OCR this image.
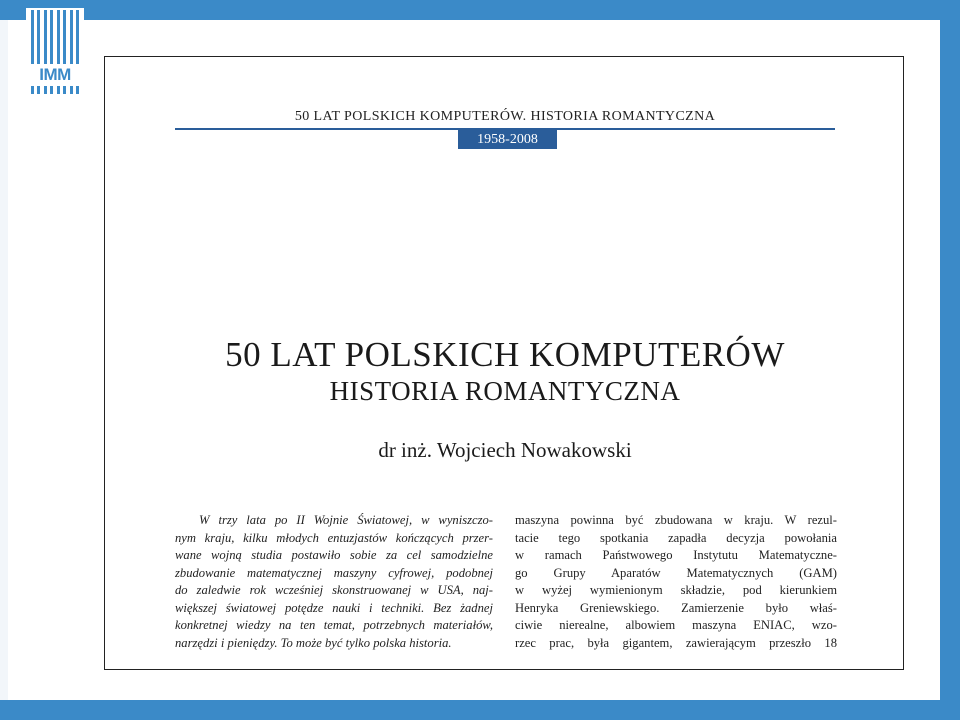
IMM
50 LAT POLSKICH KOMPUTERÓW. HISTORIA ROMANTYCZNA
1958-2008
50 LAT POLSKICH KOMPUTERÓW
HISTORIA ROMANTYCZNA
dr inż. Wojciech Nowakowski
W trzy lata po II Wojnie Światowej, w wyniszczo-
nym kraju, kilku młodych entuzjastów kończących przer-
wane wojną studia postawiło sobie za cel samodzielne
zbudowanie matematycznej maszyny cyfrowej, podobnej
do zaledwie rok wcześniej skonstruowanej w USA, naj-
większej światowej potędze nauki i techniki. Bez żadnej
konkretnej wiedzy na ten temat, potrzebnych materiałów,
narzędzi i pieniędzy. To może być tylko polska historia.
maszyna powinna być zbudowana w kraju. W rezul-
tacie tego spotkania zapadła decyzja powołania
w ramach Państwowego Instytutu Matematyczne-
go Grupy Aparatów Matematycznych (GAM)
w wyżej wymienionym składzie, pod kierunkiem
Henryka Greniewskiego. Zamierzenie było właś-
ciwie nierealne, albowiem maszyna ENIAC, wzo-
rzec prac, była gigantem, zawierającym przeszło 18
